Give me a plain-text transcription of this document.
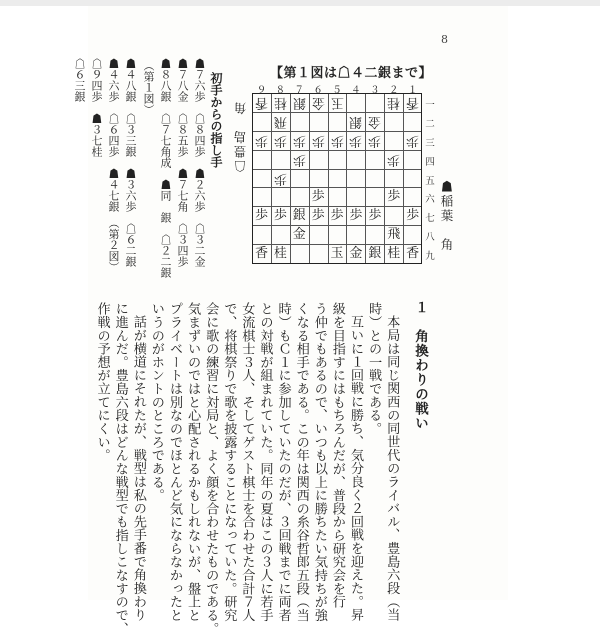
8
【第１図は☖４二銀まで】
９ ８ ７ ６ ５ ４ ３ ２ １
香 桂 銀 金 玉	桂 香
飛	銀 金
歩 歩 歩 歩 歩 歩 歩 歩
歩	歩
歩
歩	歩
歩 歩 銀 歩 歩 歩 歩 歩
金	飛
香 桂	玉 金 銀 桂 香
一
二
三
四
五
六
七
八
九
☗稲葉　角
☖豊島　角
初手からの指し手
☗７六歩　☖８四歩　☗２六歩　☖３二金
☗７八金　☖８五歩　☗７七角　☖３四歩
☗８八銀　☖７七角成　☗同　銀　☖２二銀
（第１図）
☗４八銀　☖３三銀　☗３六歩　☖６二銀
☗４六歩　☖６四歩　☗４七銀　（第２図）
☖９四歩　☗３七桂
☖６三銀
１　角換わりの戦い
本局は同じ関西の同世代のライバル、豊島六段（当
時）との一戦である。
互いに１回戦に勝ち、気分良く２回戦を迎えた。昇
級を目指すにはもちろんだが、普段から研究会を行
う仲でもあるので、いつも以上に勝ちたい気持ちが強
くなる相手である。この年は関西の糸谷哲郎五段（当
時）もＣ１に参加していたのだが、３回戦までに両者
との対戦が組まれていた。同年の夏はこの３人に若手
女流棋士３人、そしてゲスト棋士を合わせた合計７人
で、将棋祭りで歌を披露することになっていた。研究
会に歌の練習に対局と、よく顔を合わせたものである。
気まずいのではと心配されるかもしれないが、盤上と
プライベートは別なのでほとんど気にならなかったと
いうのがホントのところである。
話が横道にそれたが、戦型は私の先手番で角換わり
に進んだ。豊島六段はどんな戦型でも指しこなすので、
作戦の予想が立てにくい。
